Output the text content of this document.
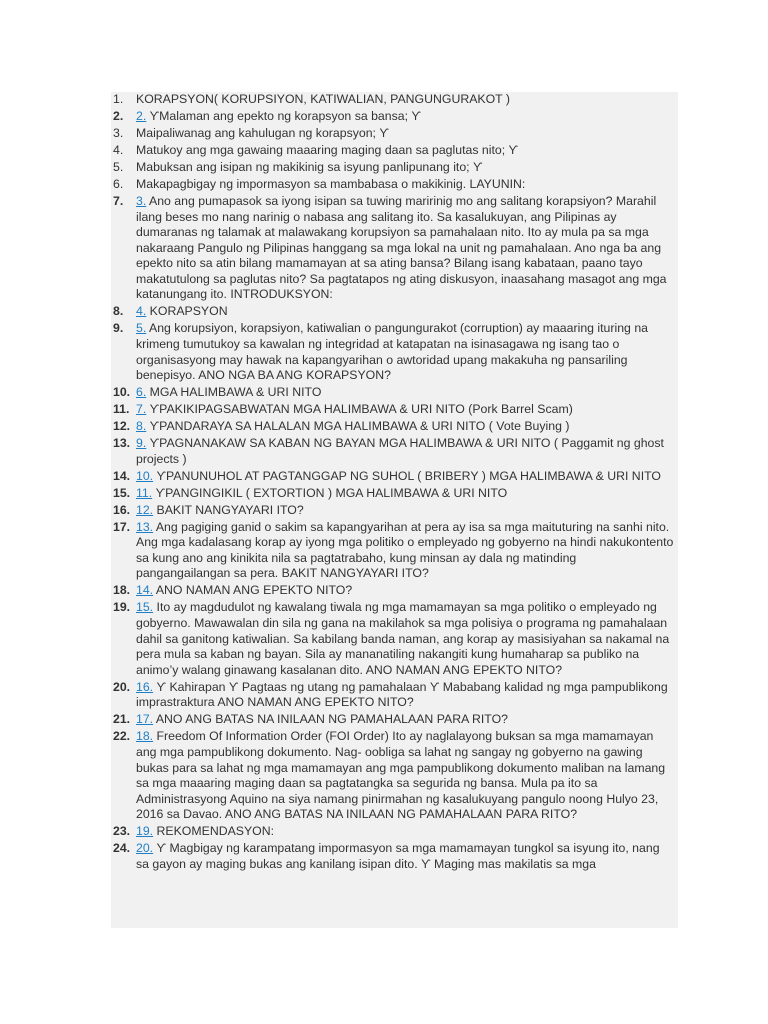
1.	KORAPSYON( KORUPSIYON, KATIWALIAN, PANGUNGURAKOT )
2.	2. ϒMalaman ang epekto ng korapsyon sa bansa; ϒ
3.	Maipaliwanag ang kahulugan ng korapsyon; ϒ
4.	Matukoy ang mga gawaing maaaring maging daan sa paglutas nito; ϒ
5.	Mabuksan ang isipan ng makikinig sa isyung panlipunang ito; ϒ
6.	Makapagbigay ng impormasyon sa mambabasa o makikinig. LAYUNIN:
7.	3. Ano ang pumapasok sa iyong isipan sa tuwing maririnig mo ang salitang korapsiyon? Marahil ilang beses mo nang narinig o nabasa ang salitang ito. Sa kasalukuyan, ang Pilipinas ay dumaranas ng talamak at malawakang korupsiyon sa pamahalaan nito. Ito ay mula pa sa mga nakaraang Pangulo ng Pilipinas hanggang sa mga lokal na unit ng pamahalaan. Ano nga ba ang epekto nito sa atin bilang mamamayan at sa ating bansa? Bilang isang kabataan, paano tayo makatutulong sa paglutas nito? Sa pagtatapos ng ating diskusyon, inaasahang masagot ang mga katanungang ito. INTRODUKSYON:
8.	4. KORAPSYON
9.	5. Ang korupsiyon, korapsiyon, katiwalian o pangungurakot (corruption) ay maaaring ituring na krimeng tumutukoy sa kawalan ng integridad at katapatan na isinasagawa ng isang tao o organisasyong may hawak na kapangyarihan o awtoridad upang makakuha ng pansariling benepisyo. ANO NGA BA ANG KORAPSYON?
10. 6. MGA HALIMBAWA & URI NITO
11. 7. ϒPAKIKIPAGSABWATAN MGA HALIMBAWA & URI NITO (Pork Barrel Scam)
12. 8. ϒPANDARAYA SA HALALAN MGA HALIMBAWA & URI NITO ( Vote Buying )
13. 9. ϒPAGNANAKAW SA KABAN NG BAYAN MGA HALIMBAWA & URI NITO ( Paggamit ng ghost projects )
14. 10. ϒPANUNUHOL AT PAGTANGGAP NG SUHOL ( BRIBERY ) MGA HALIMBAWA & URI NITO
15. 11. ϒPANGINGIKIL ( EXTORTION ) MGA HALIMBAWA & URI NITO
16. 12. BAKIT NANGYAYARI ITO?
17. 13. Ang pagiging ganid o sakim sa kapangyarihan at pera ay isa sa mga maituturing na sanhi nito. Ang mga kadalasang korap ay iyong mga politiko o empleyado ng gobyerno na hindi nakukontento sa kung ano ang kinikita nila sa pagtatrabaho, kung minsan ay dala ng matinding pangangailangan sa pera. BAKIT NANGYAYARI ITO?
18. 14. ANO NAMAN ANG EPEKTO NITO?
19. 15. Ito ay magdudulot ng kawalang tiwala ng mga mamamayan sa mga politiko o empleyado ng gobyerno. Mawawalan din sila ng gana na makilahok sa mga polisiya o programa ng pamahalaan dahil sa ganitong katiwalian. Sa kabilang banda naman, ang korap ay masisiyahan sa nakamal na pera mula sa kaban ng bayan. Sila ay mananatiling nakangiti kung humaharap sa publiko na animo’y walang ginawang kasalanan dito. ANO NAMAN ANG EPEKTO NITO?
20. 16. ϒ Kahirapan ϒ Pagtaas ng utang ng pamahalaan ϒ Mababang kalidad ng mga pampublikong imprastraktura ANO NAMAN ANG EPEKTO NITO?
21. 17. ANO ANG BATAS NA INILAAN NG PAMAHALAAN PARA RITO?
22. 18. Freedom Of Information Order (FOI Order) Ito ay naglalayong buksan sa mga mamamayan ang mga pampublikong dokumento. Nag- oobliga sa lahat ng sangay ng gobyerno na gawing bukas para sa lahat ng mga mamamayan ang mga pampublikong dokumento maliban na lamang sa mga maaaring maging daan sa pagtatangka sa segurida ng bansa. Mula pa ito sa Administrasyong Aquino na siya namang pinirmahan ng kasalukuyang pangulo noong Hulyo 23, 2016 sa Davao. ANO ANG BATAS NA INILAAN NG PAMAHALAAN PARA RITO?
23. 19. REKOMENDASYON:
24. 20. ϒ Magbigay ng karampatang impormasyon sa mga mamamayan tungkol sa isyung ito, nang sa gayon ay maging bukas ang kanilang isipan dito. ϒ Maging mas makilatis sa mga
